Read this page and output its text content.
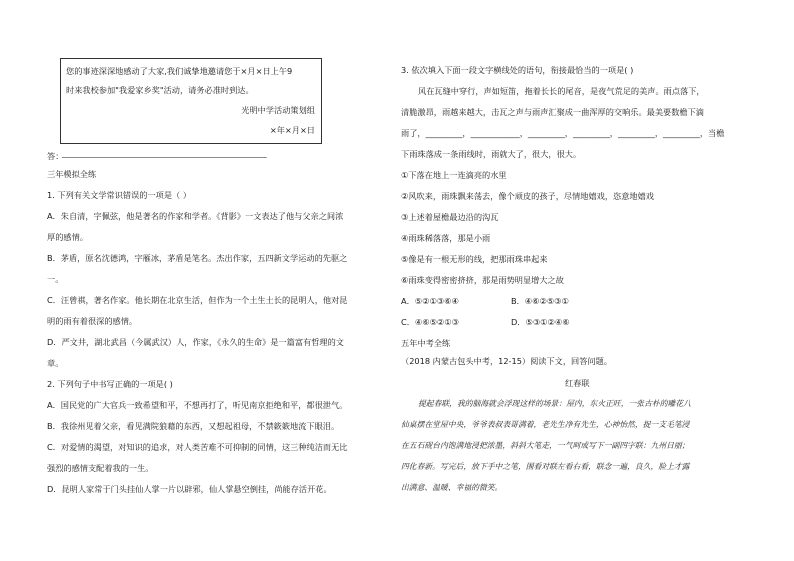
您的事迹深深地感动了大家,我们诚挚地邀请您于×月×日上午9
时来我校参加"我爱家乡奖"活动，请务必准时到达。
光明中学活动策划组
×年×月×日
答：
______________________________________________________________
三年模拟全练
1. 下列有关文学常识错误的一项是（ ）
A．朱自清，字佩弦，他是著名的作家和学者。《背影》一文表达了他与父亲之间浓
厚的感情。
B．茅盾，原名沈德鸿，字雁冰，茅盾是笔名。杰出作家，五四新文学运动的先驱之
一。
C．汪曾祺，著名作家。他长期在北京生活，但作为一个土生土长的昆明人，他对昆
明的雨有着很深的感情。
D．严文井，湖北武昌（今属武汉）人，作家，《永久的生命》是一篇富有哲理的文
章。
2. 下列句子中书写正确的一项是( )
A．国民党的广大官兵一致希望和平，不想再打了，听见南京拒绝和平，都很泄气。
B．我徐州见着父亲，看见满院狼藉的东西，又想起祖母，不禁簌簌地流下眼泪。
C．对爱情的渴望，对知识的追求，对人类苦难不可抑制的同情，这三种纯洁而无比
强烈的感情支配着我的一生。
D．昆明人家常于门头挂仙人掌一片以辟邪，仙人掌悬空倒挂，尚能存活开花。
3. 依次填入下面一段文字横线处的语句，衔接最恰当的一项是( )
风在瓦缝中穿行，声如短笛，拖着长长的尾音，是夜气荒足的美声。雨点落下，
清脆激昂，雨越来越大，击瓦之声与雨声汇聚成一曲浑厚的交响乐。最美要数檐下滴
雨了，_________，____________，_________，_________，_________，_________，当檐
下雨珠落成一条雨线时，雨就大了，很大，很大。
①下落在地上一连滴亮的水里
②风吹来，雨珠飘来荡去，像个顽皮的孩子，尽情地嬉戏，恣意地嬉戏
③上述着屋檐最边沿的沟瓦
④雨珠稀落落，那是小雨
⑤像是有一根无形的线，把那雨珠串起来
⑥雨珠变得密密挤挤，那是雨势明显增大之故
A．⑤②①③⑥④	B．④⑥②⑤③①
C．④⑥⑤②①③	D．⑤③①②④⑥
五年中考全练
（2018 内蒙古包头中考，12-15）阅读下文，回答问题。
红春联
提起春联，我的脑海就会浮现这样的场景：屋内，东火正旺，一张古朴的雕花八
仙桌摆在堂屋中央，爷爷表叔表哥满着，老先生净有先生，心神怡然，捉一支毛笔浸
在五石砚台内饱满地浸把浓墨，斜斜大笔走，一气呵成写下一副四字联：九州日丽；
四化春新。写完后，放下手中之笔，围看对联左看右看，联念一遍，良久，脸上才露
出满意、温暖、幸福的微笑。
